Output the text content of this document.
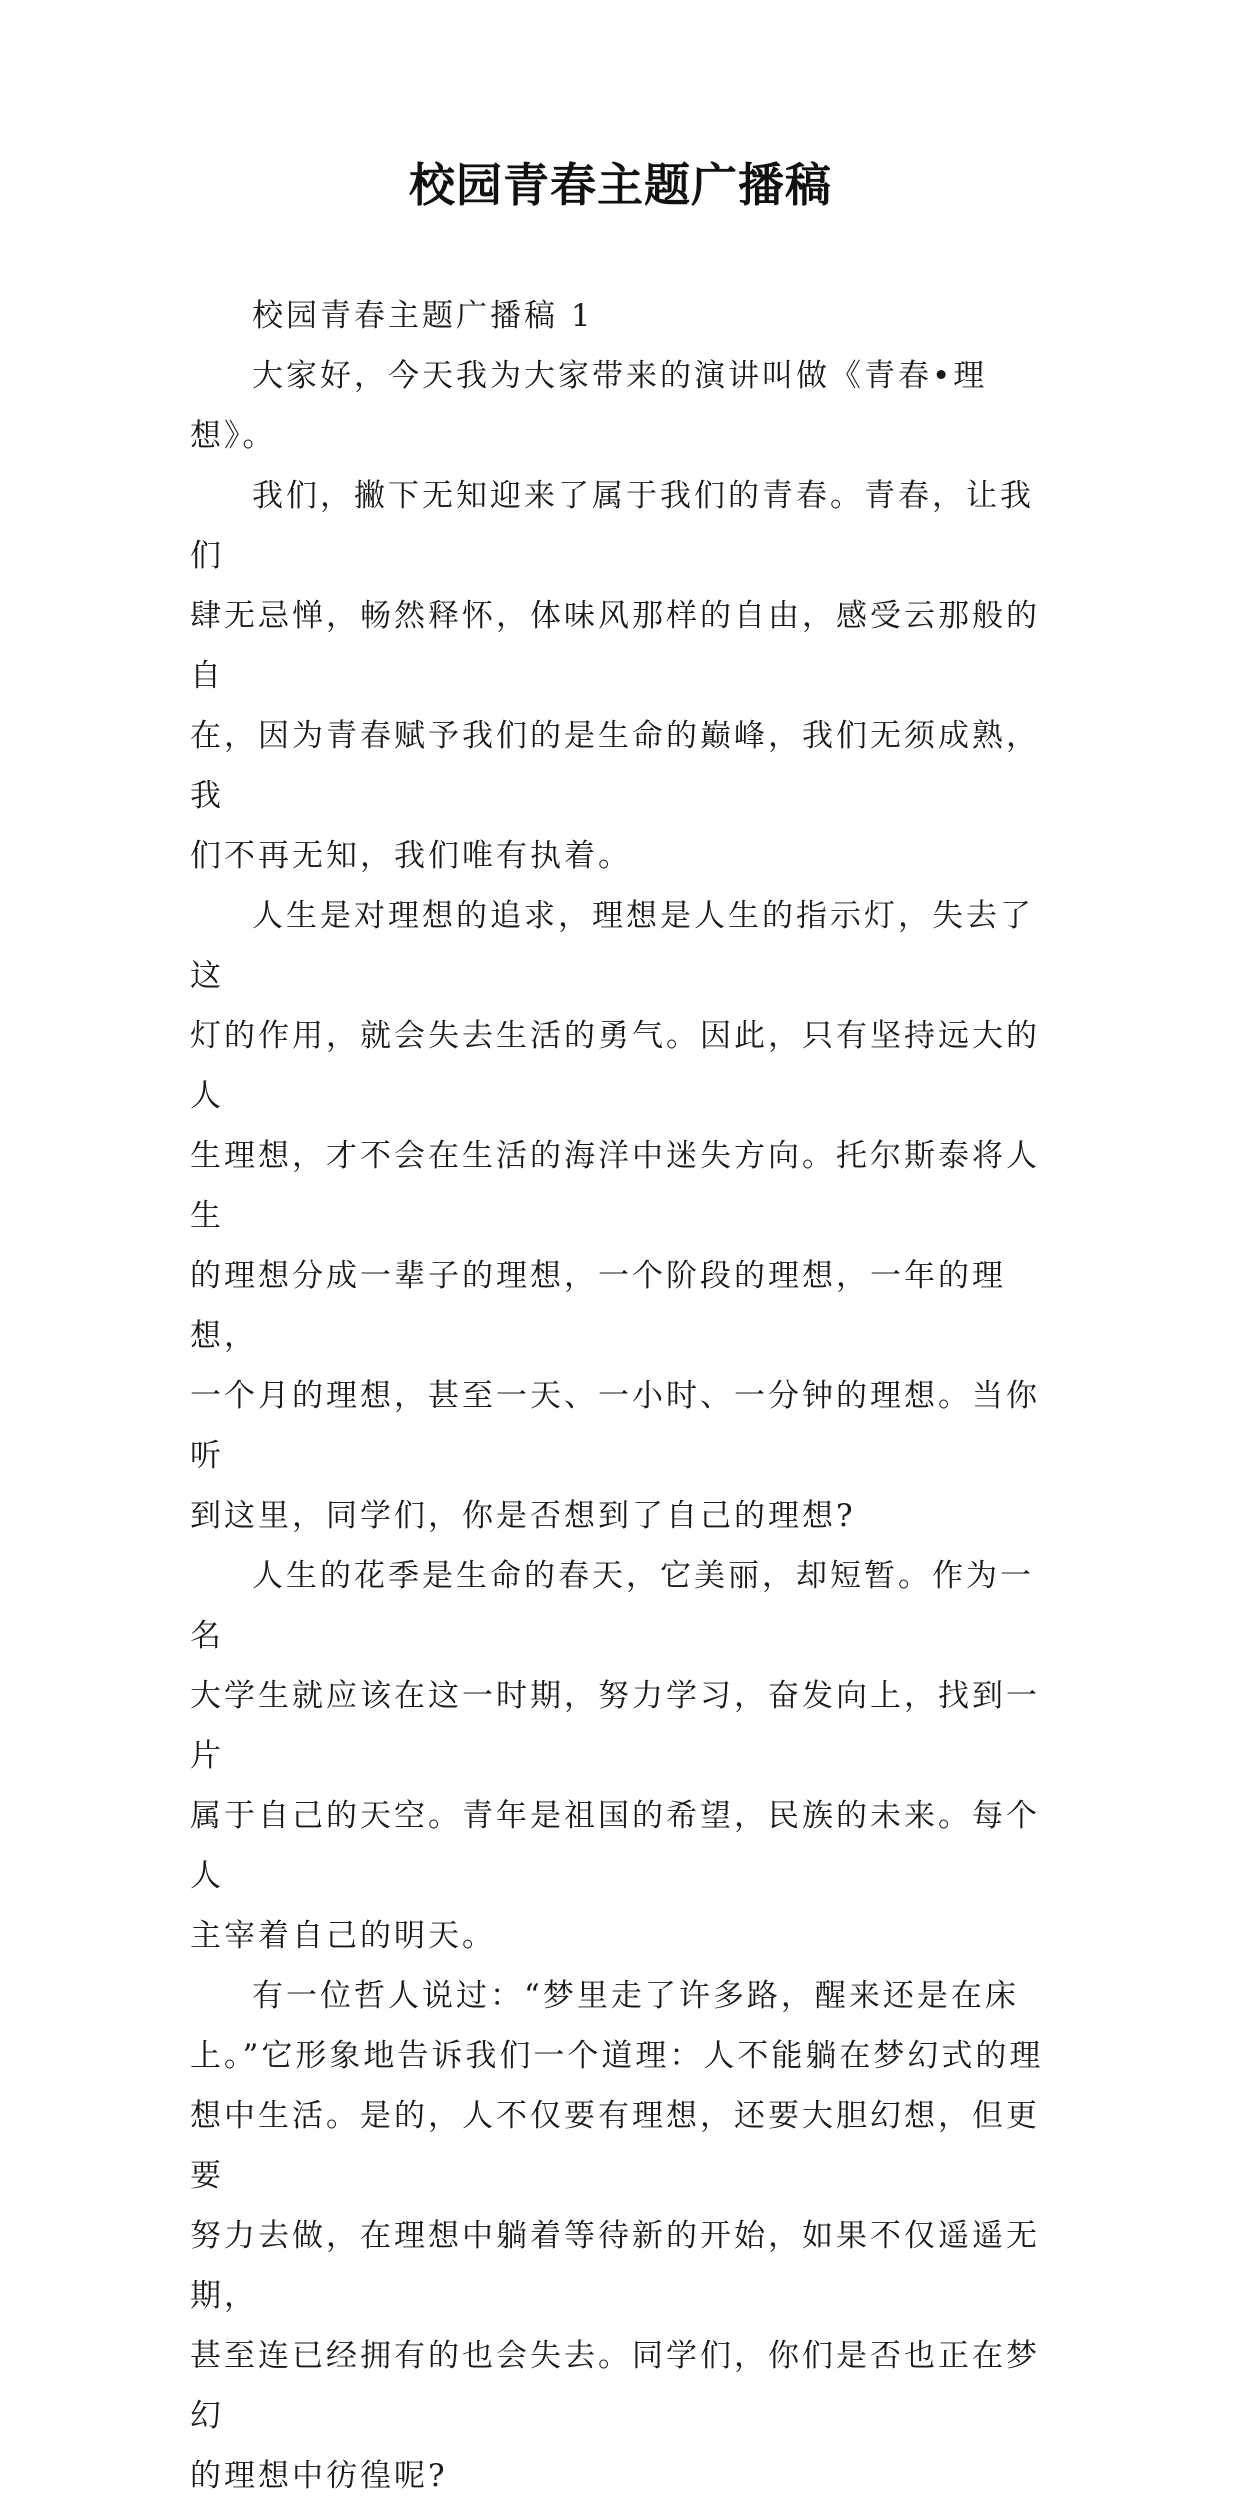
校园青春主题广播稿

校园青春主题广播稿 1

大家好，今天我为大家带来的演讲叫做《青春•理想》。

我们，撇下无知迎来了属于我们的青春。青春，让我们
肆无忌惮，畅然释怀，体味风那样的自由，感受云那般的自
在，因为青春赋予我们的是生命的巅峰，我们无须成熟，我
们不再无知，我们唯有执着。

人生是对理想的追求，理想是人生的指示灯，失去了这
灯的作用，就会失去生活的勇气。因此，只有坚持远大的人
生理想，才不会在生活的海洋中迷失方向。托尔斯泰将人生
的理想分成一辈子的理想，一个阶段的理想，一年的理想，
一个月的理想，甚至一天、一小时、一分钟的理想。当你听
到这里，同学们，你是否想到了自己的理想?

人生的花季是生命的春天，它美丽，却短暂。作为一名
大学生就应该在这一时期，努力学习，奋发向上，找到一片
属于自己的天空。青年是祖国的希望，民族的未来。每个人
主宰着自己的明天。

有一位哲人说过：“梦里走了许多路，醒来还是在床
上。”它形象地告诉我们一个道理：人不能躺在梦幻式的理
想中生活。是的，人不仅要有理想，还要大胆幻想，但更要
努力去做，在理想中躺着等待新的开始，如果不仅遥遥无期，
甚至连已经拥有的也会失去。同学们，你们是否也正在梦幻
的理想中彷徨呢?
